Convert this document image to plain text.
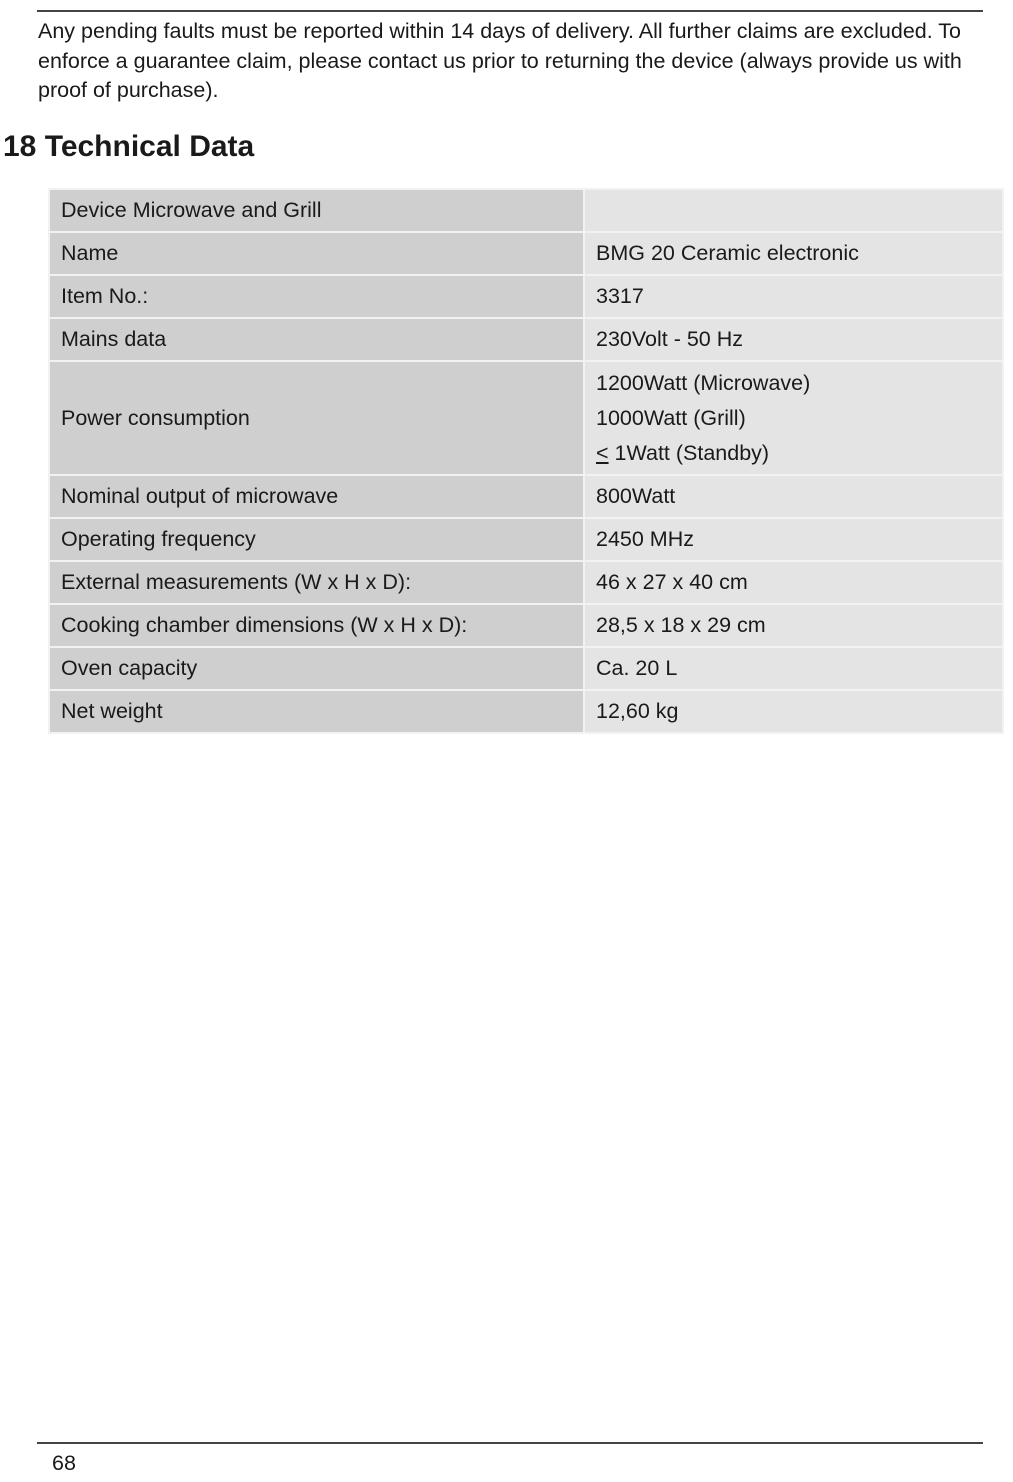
Any pending faults must be reported within 14 days of delivery. All further claims are excluded. To enforce a guarantee claim, please contact us prior to returning the device (always provide us with proof of purchase).

18 Technical Data
Device Microwave and Grill	
Name	BMG 20 Ceramic electronic
Item No.:	3317
Mains data	230Volt - 50 Hz
Power consumption	1200Watt (Microwave)
1000Watt (Grill)
≤ 1Watt (Standby)

Nominal output of microwave	800Watt
Operating frequency	2450 MHz
External measurements (W x H x D):	46 x 27 x 40 cm
Cooking chamber dimensions (W x H x D):	28,5 x 18 x 29 cm
Oven capacity	Ca. 20 L
Net weight	12,60 kg
68
